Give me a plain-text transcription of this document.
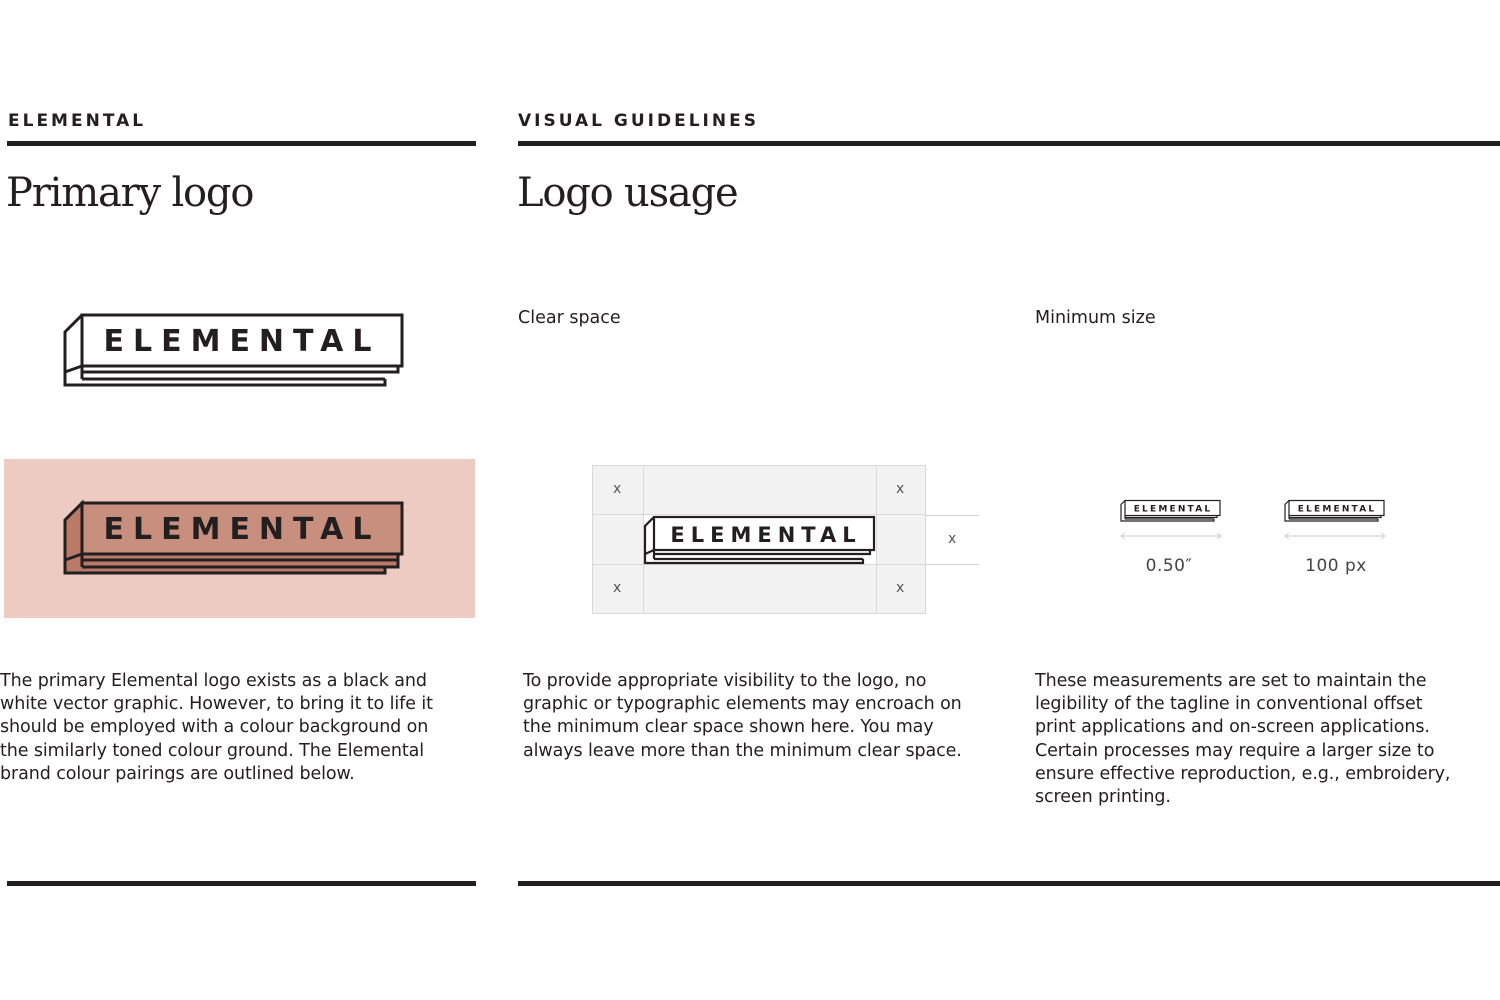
ELEMENTAL
Primary logo
ELEMENTAL
ELEMENTAL
The primary Elemental logo exists as a black and
white vector graphic. However, to bring it to life it
should be employed with a colour background on
the similarly toned colour ground. The Elemental
brand colour pairings are outlined below.
VISUAL GUIDELINES
Logo usage
Clear space	Minimum size
x	x
x	x
x
ELEMENTAL
ELEMENTAL	ELEMENTAL
0.50″	100 px
To provide appropriate visibility to the logo, no
graphic or typographic elements may encroach on
the minimum clear space shown here. You may
always leave more than the minimum clear space.
These measurements are set to maintain the
legibility of the tagline in conventional offset
print applications and on-screen applications.
Certain processes may require a larger size to
ensure effective reproduction, e.g., embroidery,
screen printing.
